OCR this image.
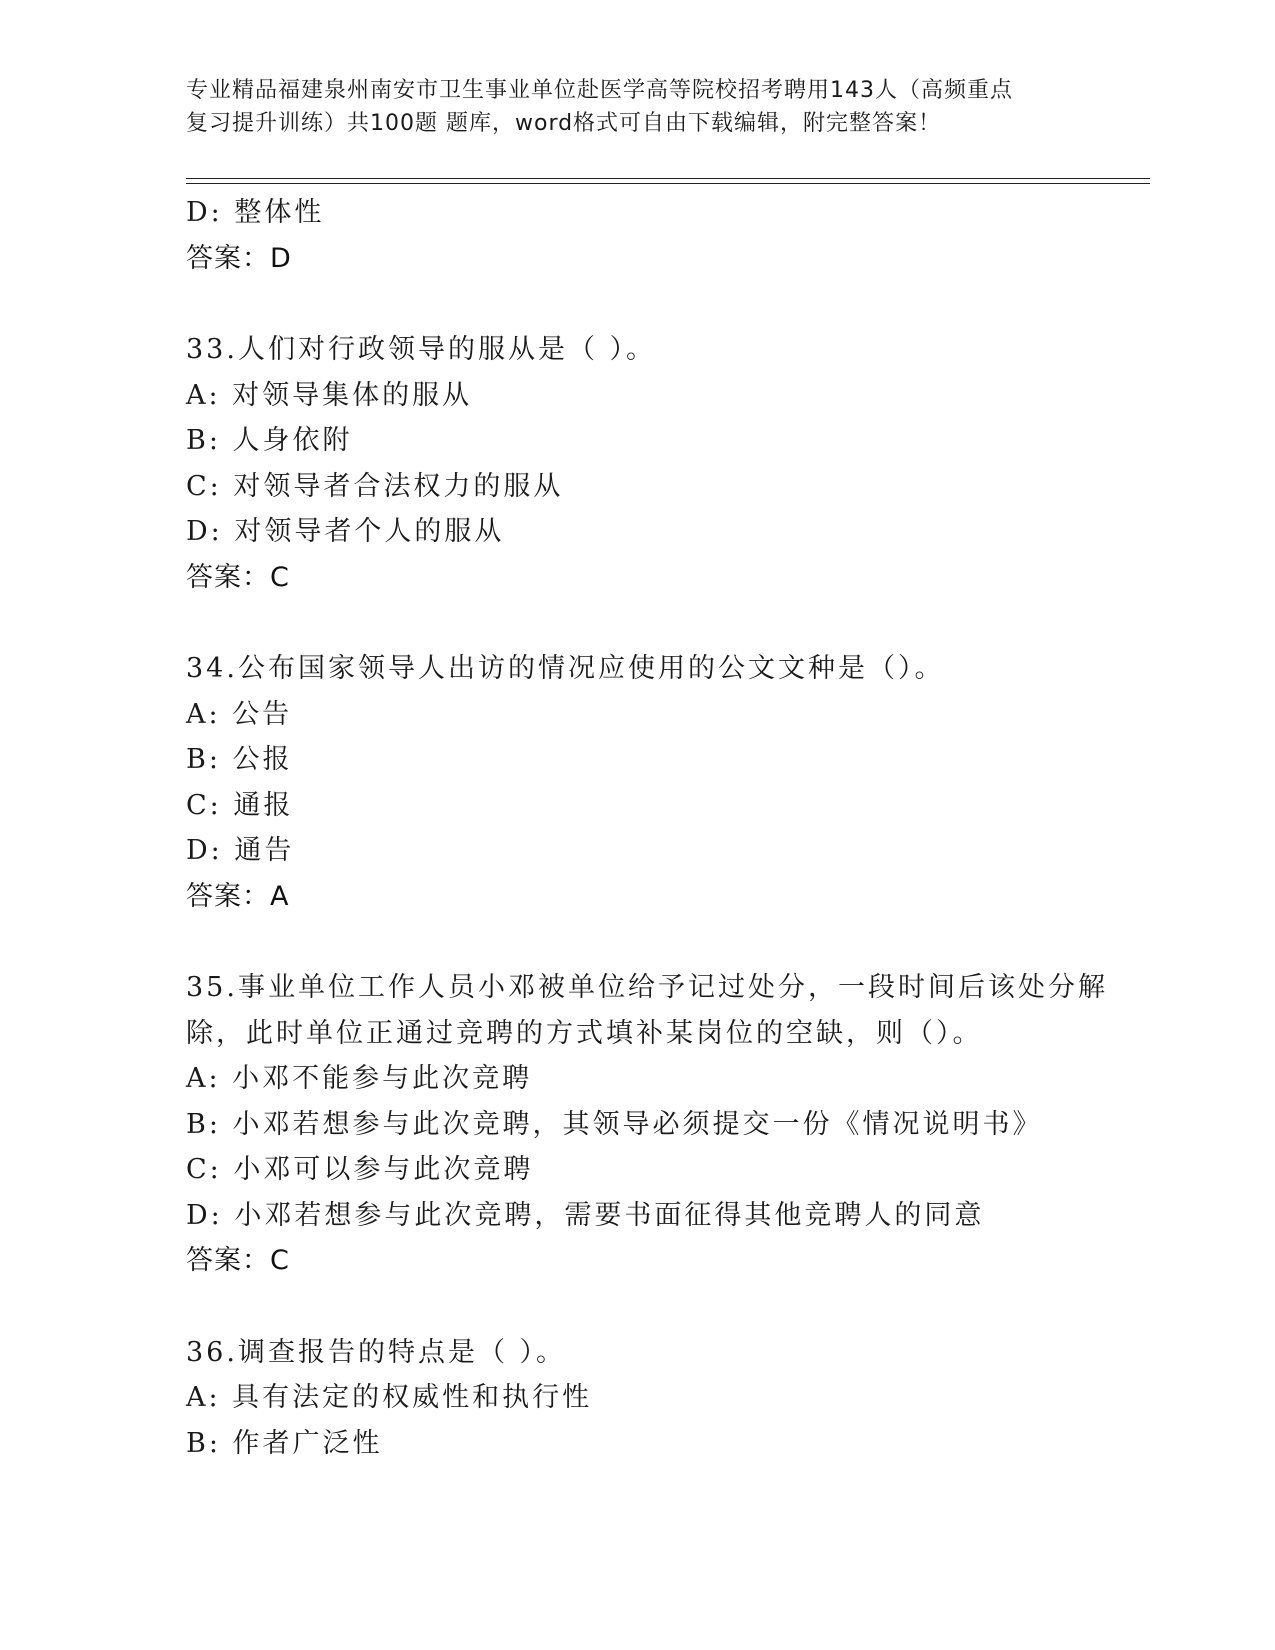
专业精品福建泉州南安市卫生事业单位赴医学高等院校招考聘用143人（高频重点
复习提升训练）共100题 题库，word格式可自由下载编辑，附完整答案！
D: 整体性
答案：D
33.人们对行政领导的服从是（ ）。
A: 对领导集体的服从
B: 人身依附
C: 对领导者合法权力的服从
D: 对领导者个人的服从
答案：C
34.公布国家领导人出访的情况应使用的公文文种是（）。
A: 公告
B: 公报
C: 通报
D: 通告
答案：A
35.事业单位工作人员小邓被单位给予记过处分，一段时间后该处分解
除，此时单位正通过竞聘的方式填补某岗位的空缺，则（）。
A: 小邓不能参与此次竞聘
B: 小邓若想参与此次竞聘，其领导必须提交一份《情况说明书》
C: 小邓可以参与此次竞聘
D: 小邓若想参与此次竞聘，需要书面征得其他竞聘人的同意
答案：C
36.调查报告的特点是（ ）。
A: 具有法定的权威性和执行性
B: 作者广泛性
